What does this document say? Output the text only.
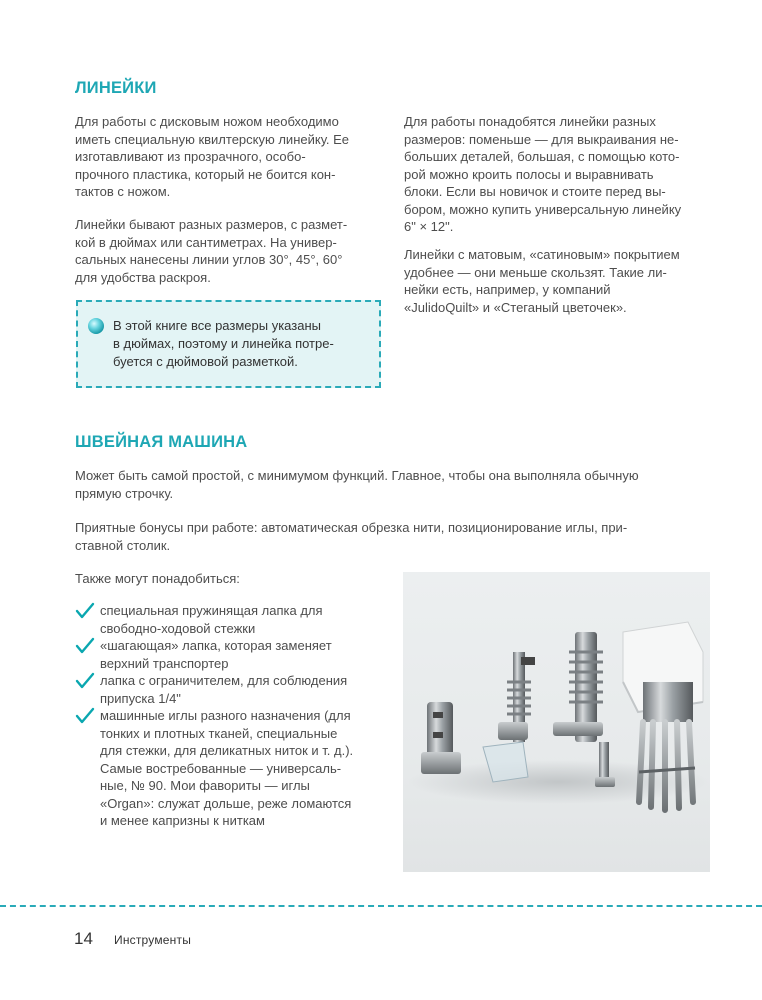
ЛИНЕЙКИ
Для работы с дисковым ножом необходимо
иметь специальную квилтерскую линейку. Ее
изготавливают из прозрачного, особо-
прочного пластика, который не боится кон-
тактов с ножом.
Линейки бывают разных размеров, с размет-
кой в дюймах или сантиметрах. На универ-
сальных нанесены линии углов 30°, 45°, 60°
для удобства раскроя.
В этой книге все размеры указаны
в дюймах, поэтому и линейка потре-
буется с дюймовой разметкой.
Для работы понадобятся линейки разных
размеров: поменьше — для выкраивания не-
больших деталей, большая, с помощью кото-
рой можно кроить полосы и выравнивать
блоки. Если вы новичок и стоите перед вы-
бором, можно купить универсальную линейку
6" × 12".
Линейки с матовым, «сатиновым» покрытием
удобнее — они меньше скользят. Такие ли-
нейки есть, например, у компаний
«JulidoQuilt» и «Стеганый цветочек».
ШВЕЙНАЯ МАШИНА
Может быть самой простой, с минимумом функций. Главное, чтобы она выполняла обычную
прямую строчку.
Приятные бонусы при работе: автоматическая обрезка нити, позиционирование иглы, при-
ставной столик.
Также могут понадобиться:
специальная пружинящая лапка для
свободно-ходовой стежки
«шагающая» лапка, которая заменяет
верхний транспортер
лапка с ограничителем, для соблюдения
припуска 1/4"
машинные иглы разного назначения (для
тонких и плотных тканей, специальные
для стежки, для деликатных ниток и т. д.).
Самые востребованные — универсаль-
ные, № 90. Мои фавориты — иглы
«Organ»: служат дольше, реже ломаются
и менее капризны к ниткам
14 Инструменты
